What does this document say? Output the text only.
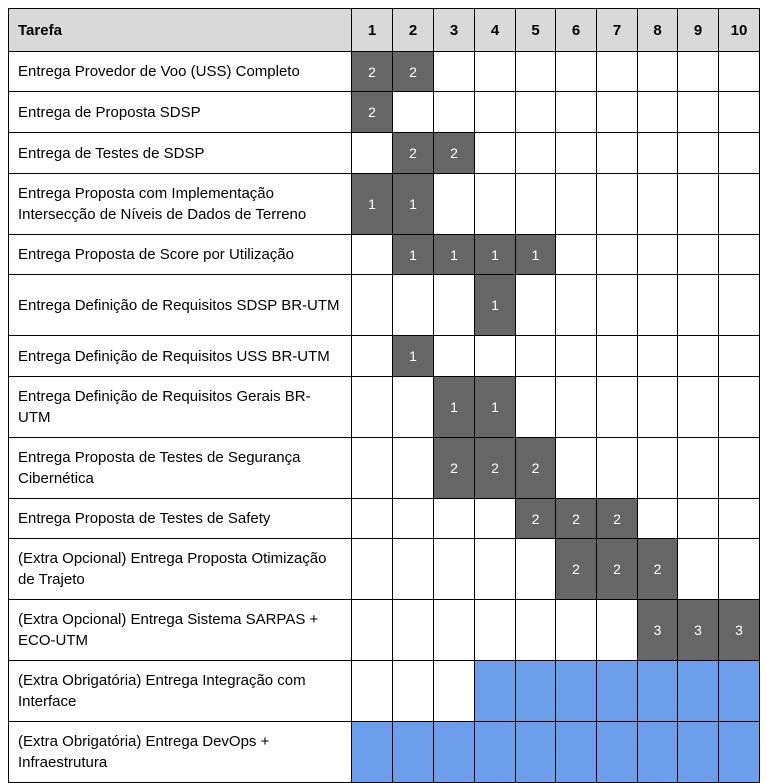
Tarefa	1	2	3	4	5	6	7	8	9	10
Entrega Provedor de Voo (USS) Completo	2	2								
Entrega de Proposta SDSP	2									
Entrega de Testes de SDSP		2	2							
Entrega Proposta com Implementação Intersecção de Níveis de Dados de Terreno	1	1								
Entrega Proposta de Score por Utilização		1	1	1	1					
Entrega Definição de Requisitos SDSP BR-UTM				1						
Entrega Definição de Requisitos USS BR-UTM		1								
Entrega Definição de Requisitos Gerais BR-UTM			1	1						
Entrega Proposta de Testes de Segurança Cibernética			2	2	2					
Entrega Proposta de Testes de Safety					2	2	2			
(Extra Opcional) Entrega Proposta Otimização de Trajeto						2	2	2		
(Extra Opcional) Entrega Sistema SARPAS + ECO-UTM								3	3	3
(Extra Obrigatória) Entrega Integração com Interface										
(Extra Obrigatória) Entrega DevOps + Infraestrutura										
